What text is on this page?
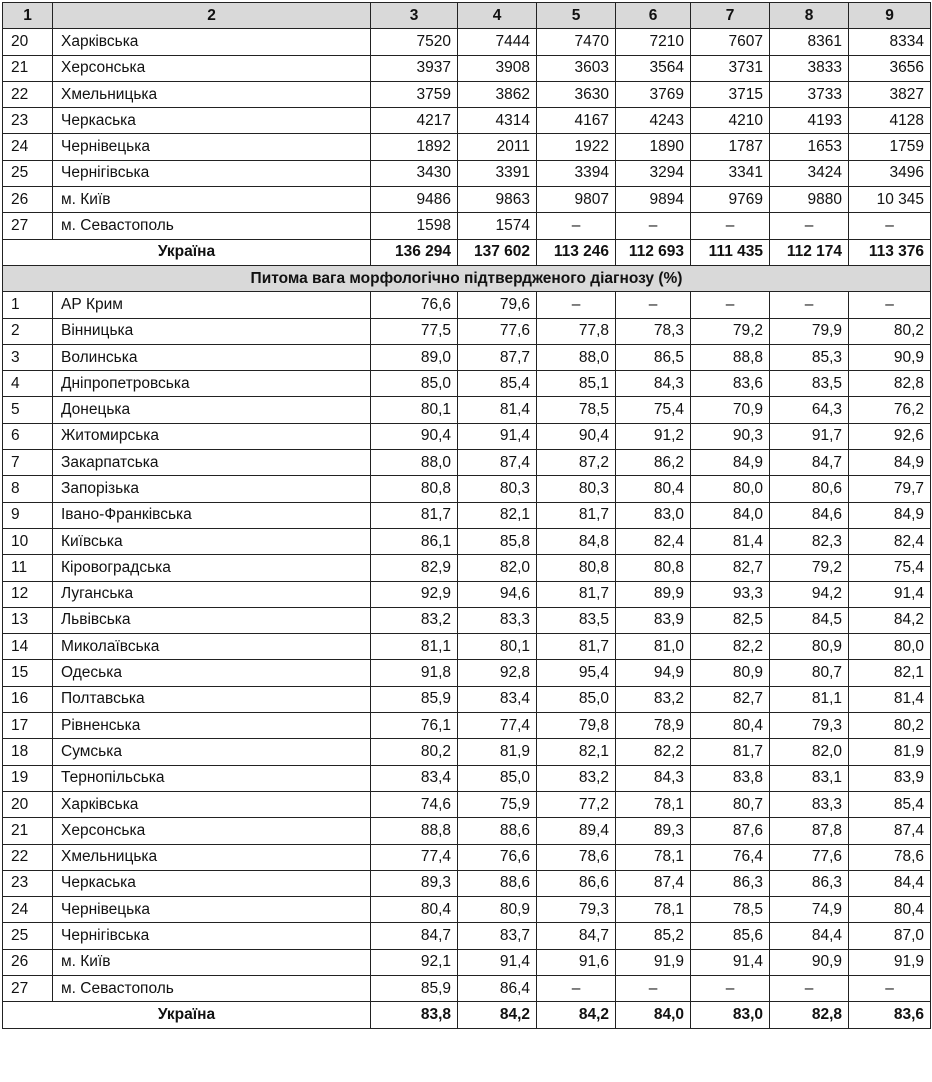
1	2	3	4	5	6	7	8	9
20	Харківська	7520	7444	7470	7210	7607	8361	8334
21	Херсонська	3937	3908	3603	3564	3731	3833	3656
22	Хмельницька	3759	3862	3630	3769	3715	3733	3827
23	Черкаська	4217	4314	4167	4243	4210	4193	4128
24	Чернівецька	1892	2011	1922	1890	1787	1653	1759
25	Чернігівська	3430	3391	3394	3294	3341	3424	3496
26	м. Київ	9486	9863	9807	9894	9769	9880	10 345
27	м. Севастополь	1598	1574	–	–	–	–	–
Україна		136 294	137 602	113 246	112 693	111 435	112 174	113 376
Питома вага морфологічно підтвердженого діагнозу (%)								
1	АР Крим	76,6	79,6	–	–	–	–	–
2	Вінницька	77,5	77,6	77,8	78,3	79,2	79,9	80,2
3	Волинська	89,0	87,7	88,0	86,5	88,8	85,3	90,9
4	Дніпропетровська	85,0	85,4	85,1	84,3	83,6	83,5	82,8
5	Донецька	80,1	81,4	78,5	75,4	70,9	64,3	76,2
6	Житомирська	90,4	91,4	90,4	91,2	90,3	91,7	92,6
7	Закарпатська	88,0	87,4	87,2	86,2	84,9	84,7	84,9
8	Запорізька	80,8	80,3	80,3	80,4	80,0	80,6	79,7
9	Івано-Франківська	81,7	82,1	81,7	83,0	84,0	84,6	84,9
10	Київська	86,1	85,8	84,8	82,4	81,4	82,3	82,4
11	Кіровоградська	82,9	82,0	80,8	80,8	82,7	79,2	75,4
12	Луганська	92,9	94,6	81,7	89,9	93,3	94,2	91,4
13	Львівська	83,2	83,3	83,5	83,9	82,5	84,5	84,2
14	Миколаївська	81,1	80,1	81,7	81,0	82,2	80,9	80,0
15	Одеська	91,8	92,8	95,4	94,9	80,9	80,7	82,1
16	Полтавська	85,9	83,4	85,0	83,2	82,7	81,1	81,4
17	Рівненська	76,1	77,4	79,8	78,9	80,4	79,3	80,2
18	Сумська	80,2	81,9	82,1	82,2	81,7	82,0	81,9
19	Тернопільська	83,4	85,0	83,2	84,3	83,8	83,1	83,9
20	Харківська	74,6	75,9	77,2	78,1	80,7	83,3	85,4
21	Херсонська	88,8	88,6	89,4	89,3	87,6	87,8	87,4
22	Хмельницька	77,4	76,6	78,6	78,1	76,4	77,6	78,6
23	Черкаська	89,3	88,6	86,6	87,4	86,3	86,3	84,4
24	Чернівецька	80,4	80,9	79,3	78,1	78,5	74,9	80,4
25	Чернігівська	84,7	83,7	84,7	85,2	85,6	84,4	87,0
26	м. Київ	92,1	91,4	91,6	91,9	91,4	90,9	91,9
27	м. Севастополь	85,9	86,4	–	–	–	–	–
Україна		83,8	84,2	84,2	84,0	83,0	82,8	83,6
